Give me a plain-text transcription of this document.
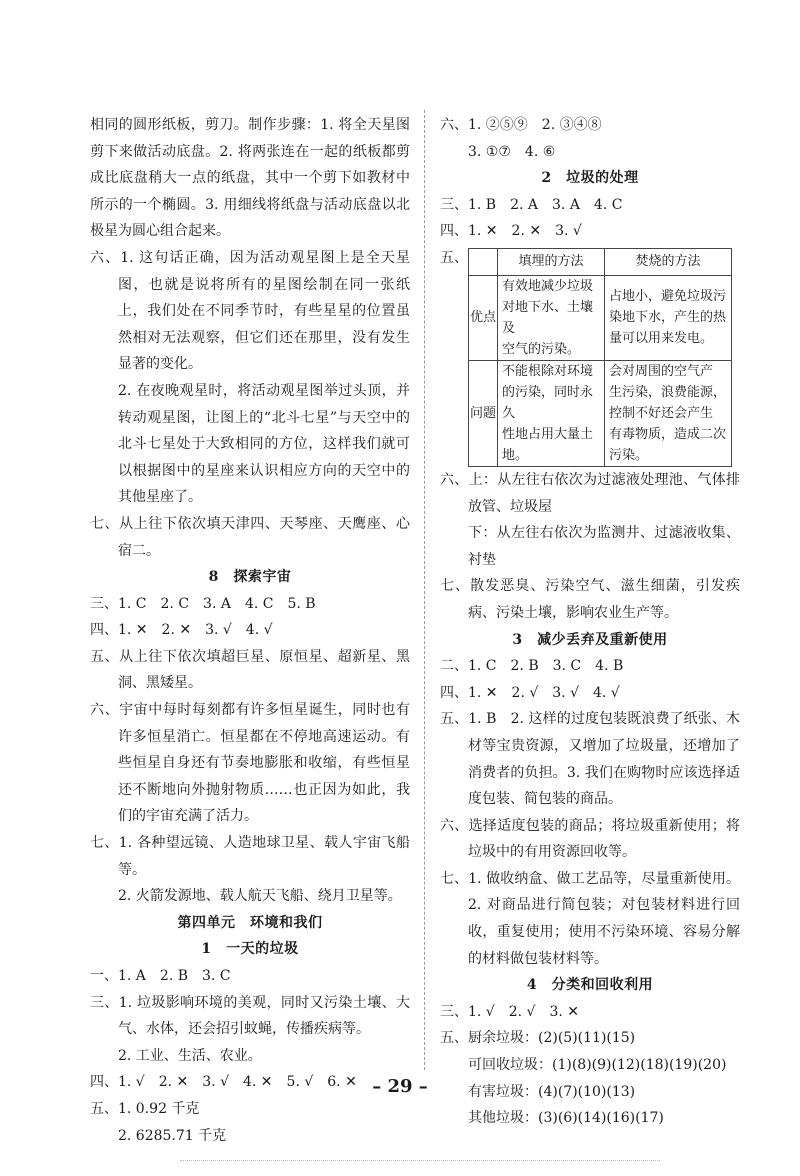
相同的圆形纸板，剪刀。制作步骤：1. 将全天星图剪下来做活动底盘。2. 将两张连在一起的纸板都剪成比底盘稍大一点的纸盘，其中一个剪下如教材中所示的一个椭圆。3. 用细线将纸盘与活动底盘以北极星为圆心组合起来。

六、1. 这句话正确，因为活动观星图上是全天星图，也就是说将所有的星图绘制在同一张纸上，我们处在不同季节时，有些星星的位置虽然相对无法观察，但它们还在那里，没有发生显著的变化。

2. 在夜晚观星时，将活动观星图举过头顶，并转动观星图，让图上的“北斗七星”与天空中的北斗七星处于大致相同的方位，这样我们就可以根据图中的星座来认识相应方向的天空中的其他星座了。

七、从上往下依次填天津四、天琴座、天鹰座、心宿二。

8　探索宇宙

三、1. C　2. C　3. A　4. C　5. B

四、1. ✕　2. ✕　3. √　4. √

五、从上往下依次填超巨星、原恒星、超新星、黑洞、黑矮星。

六、宇宙中每时每刻都有许多恒星诞生，同时也有许多恒星消亡。恒星都在不停地高速运动。有些恒星自身还有节奏地膨胀和收缩，有些恒星还不断地向外抛射物质……也正因为如此，我们的宇宙充满了活力。

七、1. 各种望远镜、人造地球卫星、载人宇宙飞船等。

2. 火箭发源地、载人航天飞船、绕月卫星等。

第四单元　环境和我们

1　一天的垃圾

一、1. A　2. B　3. C

三、1. 垃圾影响环境的美观，同时又污染土壤、大气、水体，还会招引蚊蝇，传播疾病等。

2. 工业、生活、农业。

四、1. √　2. ✕　3. √　4. ✕　5. √　6. ✕

五、1. 0.92 千克

2. 6285.71 千克

六、1. ②⑤⑨　2. ③④⑧

3. ①⑦　4. ⑥

2　垃圾的处理

三、1. B　2. A　3. A　4. C

四、1. ✕　2. ✕　3. √

五、
		填埋的方法	焚烧的方法
优点	有效地减少垃圾
对地下水、土壤及
空气的污染。	占地小，避免垃圾污
染地下水，产生的热
量可以用来发电。
问题	不能根除对环境
的污染，同时永久
性地占用大量土
地。	会对周围的空气产
生污染，浪费能源，
控制不好还会产生
有毒物质，造成二次
污染。

六、上：从左往右依次为过滤液处理池、气体排放管、垃圾屋

下：从左往右依次为监测井、过滤液收集、衬垫

七、散发恶臭、污染空气、滋生细菌，引发疾病、污染土壤，影响农业生产等。

3　减少丢弃及重新使用

二、1. C　2. B　3. C　4. B

四、1. ✕　2. √　3. √　4. √

五、1. B　2. 这样的过度包装既浪费了纸张、木材等宝贵资源，又增加了垃圾量，还增加了消费者的负担。3. 我们在购物时应该选择适度包装、简包装的商品。

六、选择适度包装的商品；将垃圾重新使用；将垃圾中的有用资源回收等。

七、1. 做收纳盒、做工艺品等，尽量重新使用。2. 对商品进行简包装；对包装材料进行回收，重复使用；使用不污染环境、容易分解的材料做包装材料等。

4　分类和回收利用

三、1. √　2. √　3. ✕

五、厨余垃圾：(2)(5)(11)(15)

可回收垃圾：(1)(8)(9)(12)(18)(19)(20)

有害垃圾：(4)(7)(10)(13)

其他垃圾：(3)(6)(14)(16)(17)

– 29 –
